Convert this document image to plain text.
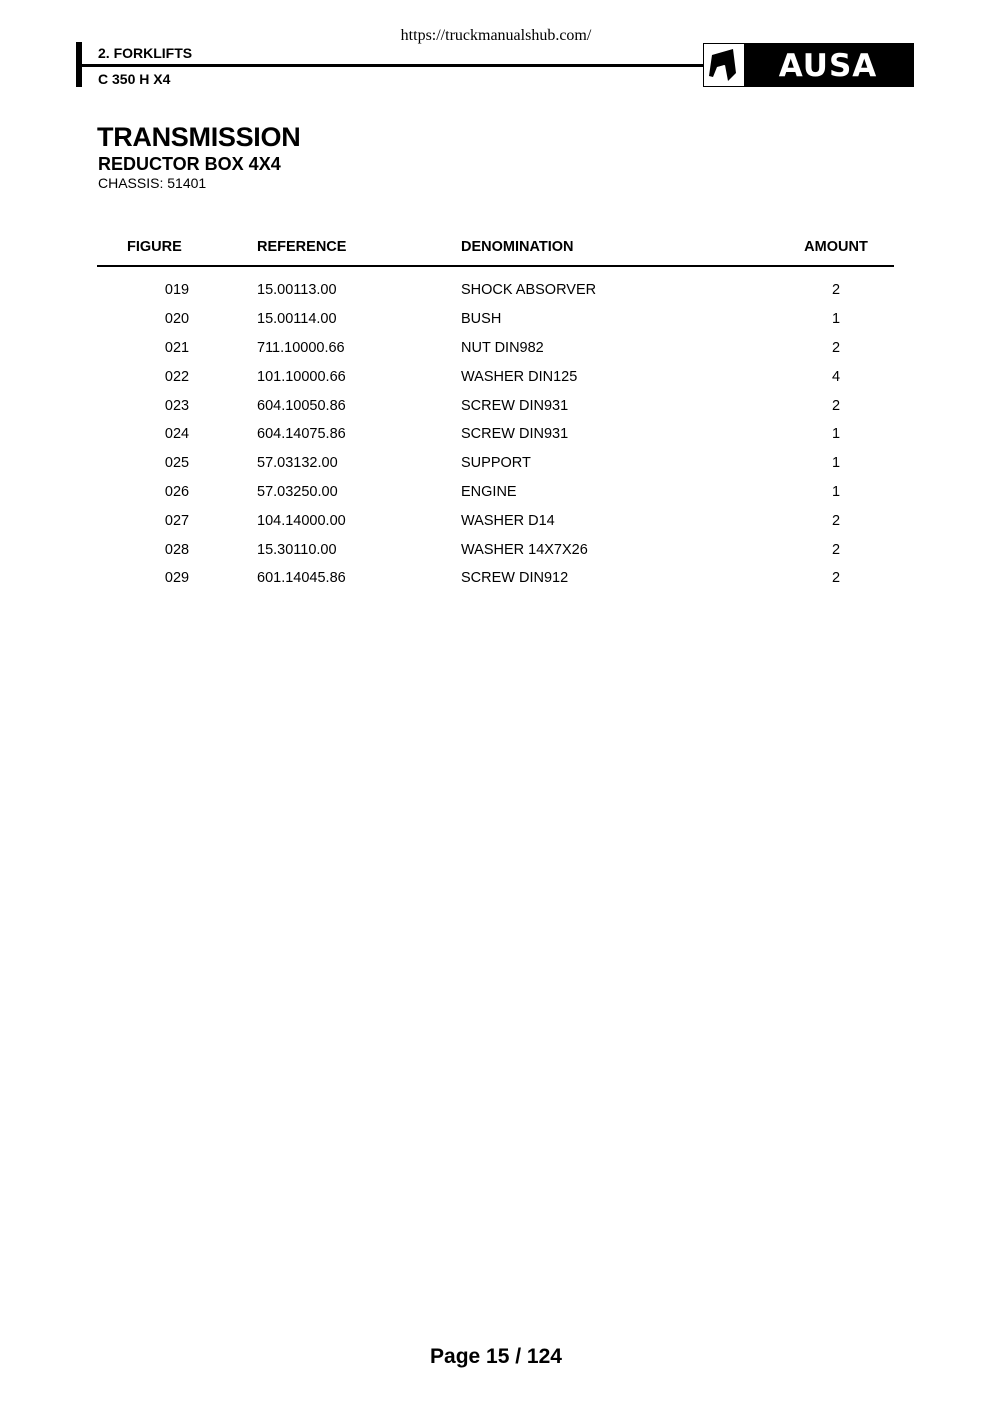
https://truckmanualshub.com/
2. FORKLIFTS
C 350 H X4	AUSA
TRANSMISSION
REDUCTOR BOX 4X4
CHASSIS: 51401
FIGURE	REFERENCE	DENOMINATION	AMOUNT
019	15.00113.00	SHOCK ABSORVER	2
020	15.00114.00	BUSH	1
021	711.10000.66	NUT DIN982	2
022	101.10000.66	WASHER DIN125	4
023	604.10050.86	SCREW DIN931	2
024	604.14075.86	SCREW DIN931	1
025	57.03132.00	SUPPORT	1
026	57.03250.00	ENGINE	1
027	104.14000.00	WASHER D14	2
028	15.30110.00	WASHER 14X7X26	2
029	601.14045.86	SCREW DIN912	2
Page 15 / 124
